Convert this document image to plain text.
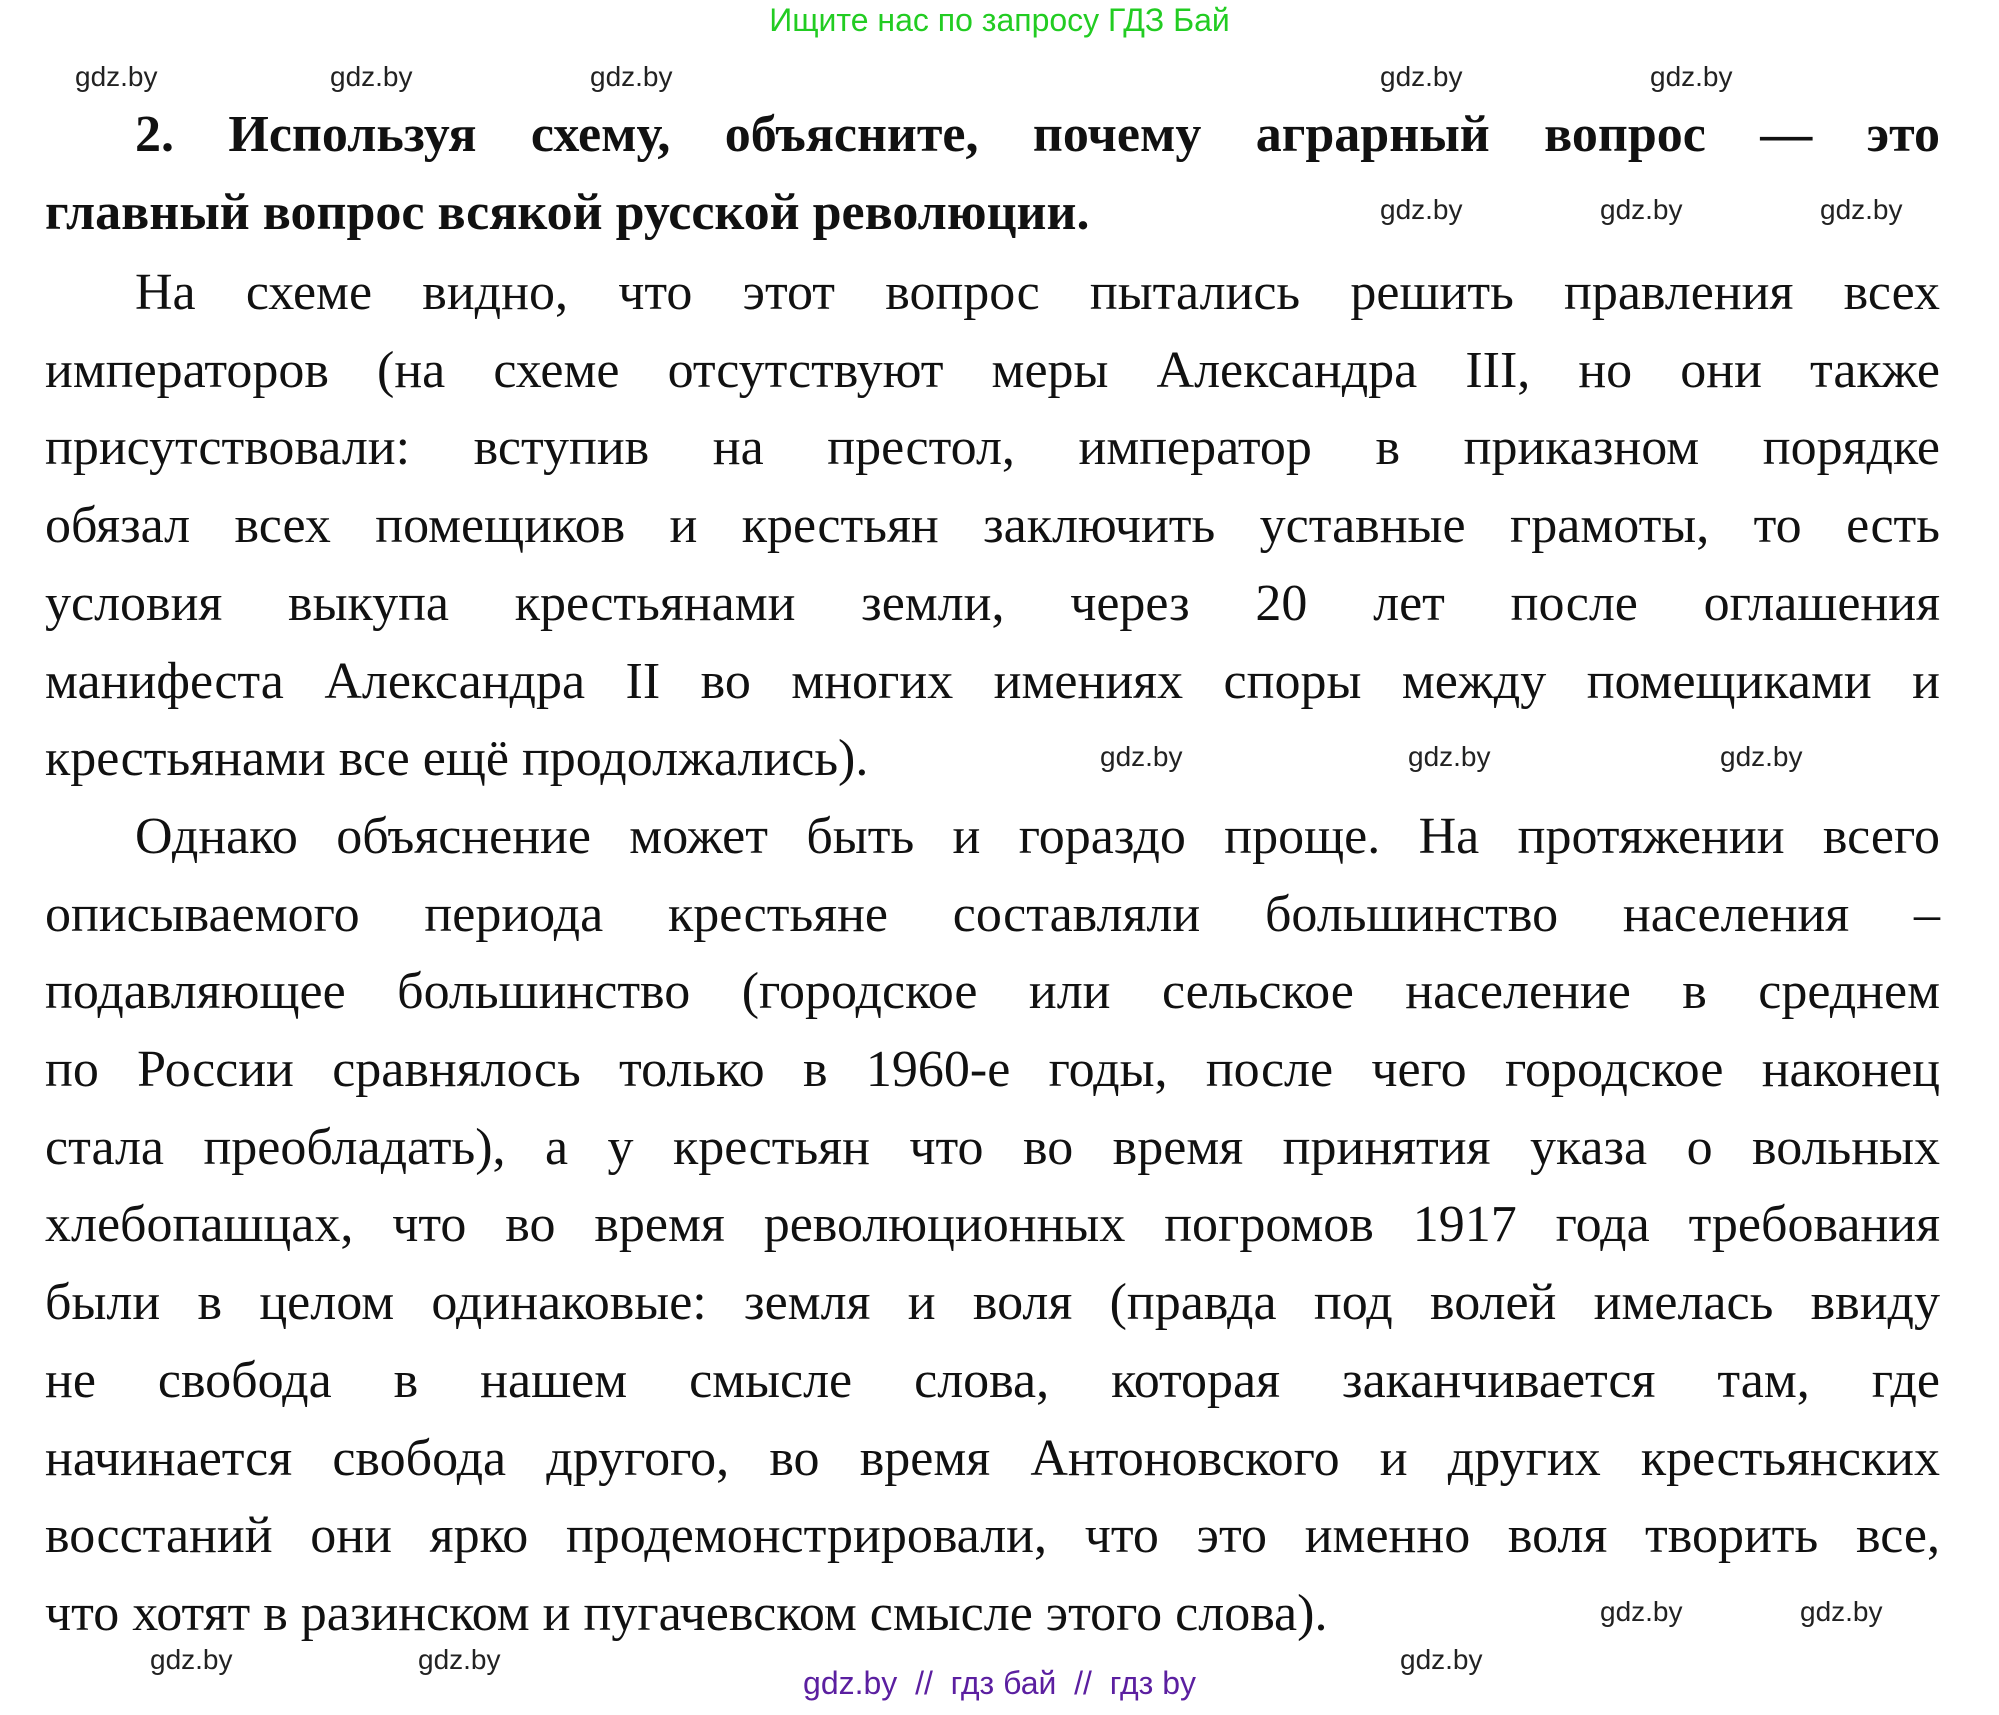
Ищите нас по запросу ГДЗ Бай
2. Используя схему, объясните, почему аграрный вопрос — это
главный вопрос всякой русской революции.
На схеме видно, что этот вопрос пытались решить правления всех
императоров (на схеме отсутствуют меры Александра III, но они также
присутствовали: вступив на престол, император в приказном порядке
обязал всех помещиков и крестьян заключить уставные грамоты, то есть
условия выкупа крестьянами земли, через 20 лет после оглашения
манифеста Александра II во многих имениях споры между помещиками и
крестьянами все ещё продолжались).
Однако объяснение может быть и гораздо проще. На протяжении всего
описываемого периода крестьяне составляли большинство населения –
подавляющее большинство (городское или сельское население в среднем
по России сравнялось только в 1960-е годы, после чего городское наконец
стала преобладать), а у крестьян что во время принятия указа о вольных
хлебопашцах, что во время революционных погромов 1917 года требования
были в целом одинаковые: земля и воля (правда под волей имелась ввиду
не свобода в нашем смысле слова, которая заканчивается там, где
начинается свобода другого, во время Антоновского и других крестьянских
восстаний они ярко продемонстрировали, что это именно воля творить все,
что хотят в разинском и пугачевском смысле этого слова).
gdz.by  //  гдз бай  //  гдз by
gdz.by	gdz.by	gdz.by	gdz.by	gdz.by
gdz.by	gdz.by	gdz.by
gdz.by	gdz.by	gdz.by
gdz.by	gdz.by
gdz.by	gdz.by	gdz.by
